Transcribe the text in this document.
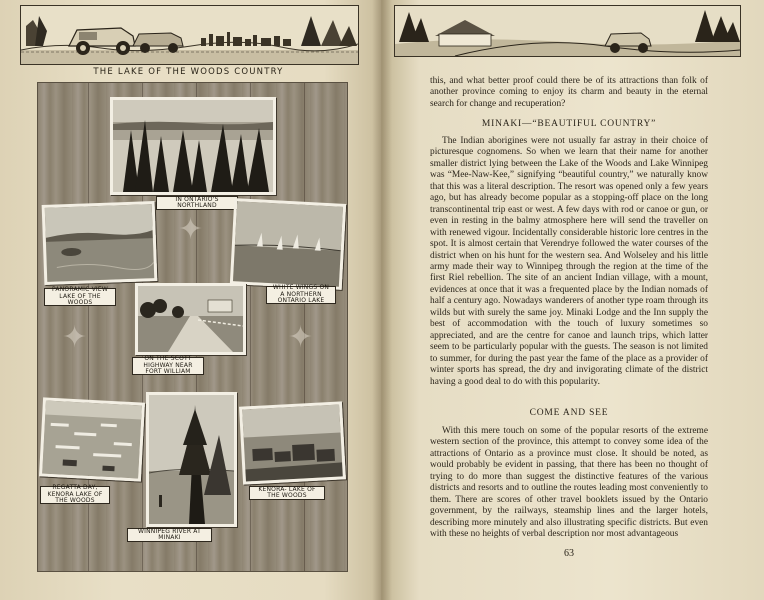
THE LAKE OF THE WOODS COUNTRY
✦
✦	✦
IN ONTARIO'S NORTHLAND
PANORAMIC VIEW LAKE OF THE WOODS
WHITE WINGS ON A NORTHERN ONTARIO LAKE
ON THE SCOTT HIGHWAY NEAR FORT WILLIAM
REGATTA DAY, KENORA LAKE OF THE WOODS
WINNIPEG RIVER AT MINAKI
KENORA- LAKE OF THE WOODS

this, and what better proof could there be of its attractions than folk of another province coming to enjoy its charm and beauty in the eternal search for change and recuperation?

MINAKI—“BEAUTIFUL COUNTRY”

The Indian aborigines were not usually far astray in their choice of picturesque cognomens. So when we learn that their name for another smaller district lying between the Lake of the Woods and Lake Winnipeg was “Mee-Naw-Kee,” signifying “beautiful country,” we naturally know that this was a literal description. The resort was opened only a few years ago, but has already become popular as a stopping-off place on the long transcontinental trip east or west. A few days with rod or canoe or gun, or even in resting in the balmy atmosphere here will send the traveller on with renewed vigour. Incidentally considerable historic lore centres in the spot. It is almost certain that Verendrye followed the water courses of the district when on his hunt for the western sea. And Wolseley and his little army made their way to Winnipeg through the region at the time of the first Riel rebellion. The site of an ancient Indian village, with a mount, evidences at once that it was a frequented place by the Indian nomads of half a century ago. Nowadays wanderers of another type roam through its wilds but with surely the same joy. Minaki Lodge and the Inn supply the best of accommodation with the touch of luxury sometimes so appreciated, and are the centre for canoe and launch trips, which latter seem to be particularly popular with the guests. The season is not limited to summer, for during the past year the fame of the place as a provider of winter sports has spread, the dry and invigorating climate of the district having a good deal to do with this popularity.

COME AND SEE

With this mere touch on some of the popular resorts of the extreme western section of the province, this attempt to convey some idea of the attractions of Ontario as a province must close. It should be noted, as would probably be evident in passing, that there has been no thought of trying to do more than suggest the distinctive features of the various districts and resorts and to outline the routes leading most conveniently to them. There are scores of other travel booklets issued by the Ontario government, by the railways, steamship lines and the larger hotels, describing more minutely and also illustrating specific districts. But even with these no heights of verbal description nor most advantageous

63
